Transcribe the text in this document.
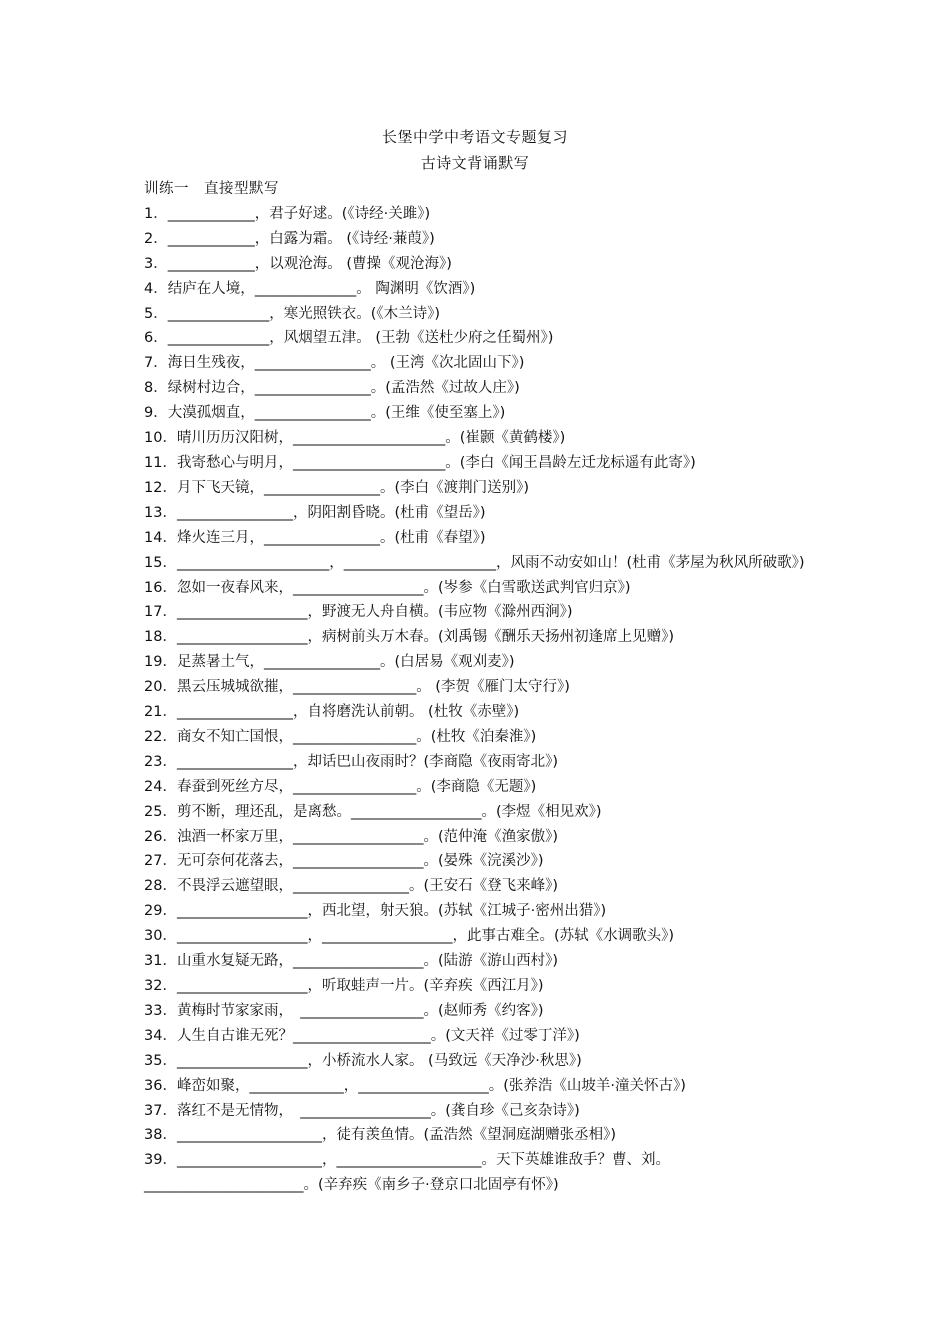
长堡中学中考语文专题复习
古诗文背诵默写
训练一　直接型默写
1．____________，君子好逑。(《诗经·关雎》)
2．____________，白露为霜。 (《诗经·蒹葭》)
3．____________，以观沧海。 (曹操《观沧海》)
4．结庐在人境，______________。 陶渊明《饮酒》)
5．______________，寒光照铁衣。(《木兰诗》)
6．______________，风烟望五津。 (王勃《送杜少府之任蜀州》)
7．海日生残夜，________________。 (王湾《次北固山下》)
8．绿树村边合，________________。(孟浩然《过故人庄》)
9．大漠孤烟直，________________。(王维《使至塞上》)
10．晴川历历汉阳树，_____________________。(崔颢《黄鹤楼》)
11．我寄愁心与明月，_____________________。(李白《闻王昌龄左迁龙标遥有此寄》)
12．月下飞天镜，________________。(李白《渡荆门送别》)
13．________________，阴阳割昏晓。(杜甫《望岳》)
14．烽火连三月，________________。(杜甫《春望》)
15．_____________________，_____________________，风雨不动安如山！(杜甫《茅屋为秋风所破歌》)
16．忽如一夜春风来，__________________。(岑参《白雪歌送武判官归京》)
17．__________________，野渡无人舟自横。(韦应物《滁州西涧》)
18．__________________，病树前头万木春。(刘禹锡《酬乐天扬州初逢席上见赠》)
19．足蒸暑土气，________________。(白居易《观刈麦》)
20．黑云压城城欲摧，_________________。 (李贺《雁门太守行》)
21．________________，自将磨洗认前朝。 (杜牧《赤壁》)
22．商女不知亡国恨，_________________。(杜牧《泊秦淮》)
23．________________，却话巴山夜雨时？(李商隐《夜雨寄北》)
24．春蚕到死丝方尽，_________________。(李商隐《无题》)
25．剪不断，理还乱，是离愁。__________________。(李煜《相见欢》)
26．浊酒一杯家万里，__________________。(范仲淹《渔家傲》)
27．无可奈何花落去，__________________。(晏殊《浣溪沙》)
28．不畏浮云遮望眼，________________。(王安石《登飞来峰》)
29．__________________，西北望，射天狼。(苏轼《江城子·密州出猎》)
30．__________________，__________________，此事古难全。(苏轼《水调歌头》)
31．山重水复疑无路，__________________。(陆游《游山西村》)
32．__________________，听取蛙声一片。(辛弃疾《西江月》)
33．黄梅时节家家雨，　_________________。(赵师秀《约客》)
34．人生自古谁无死？___________________。(文天祥《过零丁洋》)
35．__________________，小桥流水人家。 (马致远《天净沙·秋思》)
36．峰峦如聚，_____________，__________________。(张养浩《山坡羊·潼关怀古》)
37．落红不是无情物，　__________________。(龚自珍《己亥杂诗》)
38．____________________，徒有羡鱼情。(孟浩然《望洞庭湖赠张丞相》)
39．____________________，____________________。天下英雄谁敌手？曹、刘。______________________。(辛弃疾《南乡子·登京口北固亭有怀》)
